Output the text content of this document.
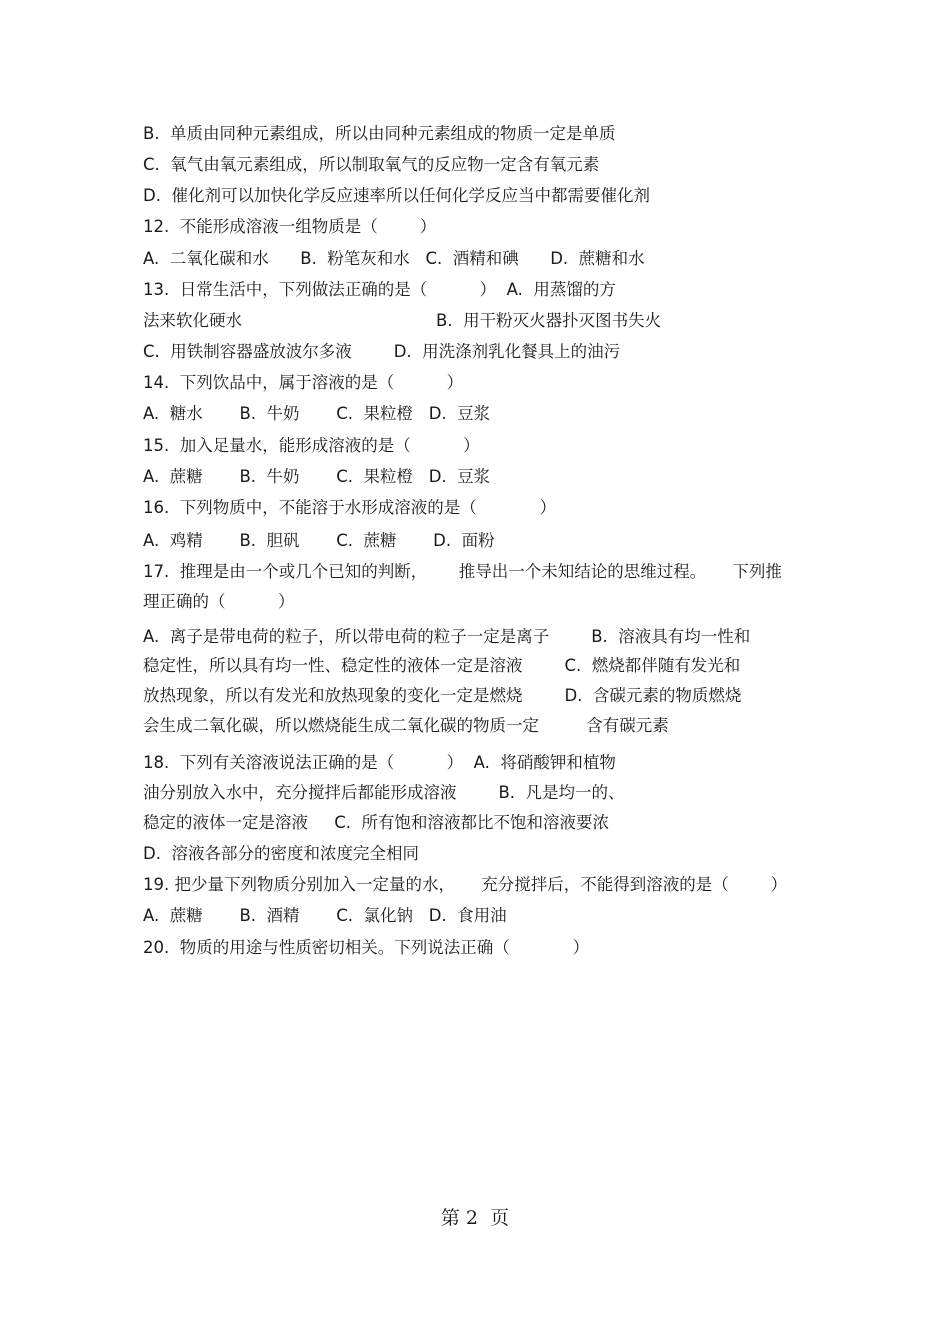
B.  单质由同种元素组成，所以由同种元素组成的物质一定是单质
C.  氧气由氧元素组成，所以制取氧气的反应物一定含有氧元素
D.  催化剂可以加快化学反应速率所以任何化学反应当中都需要催化剂
12.  不能形成溶液一组物质是（        ）
A.  二氧化碳和水      B.  粉笔灰和水   C.  酒精和碘      D.  蔗糖和水
13.  日常生活中，下列做法正确的是（          ）  A.  用蒸馏的方
法来软化硬水                                     B.  用干粉灭火器扑灭图书失火
C.  用铁制容器盛放波尔多液        D.  用洗涤剂乳化餐具上的油污
14.  下列饮品中，属于溶液的是（          ）
A.  糖水       B.  牛奶       C.  果粒橙   D.  豆浆
15.  加入足量水，能形成溶液的是（          ）
A.  蔗糖       B.  牛奶       C.  果粒橙   D.  豆浆
16.  下列物质中，不能溶于水形成溶液的是（            ）
A.  鸡精       B.  胆矾       C.  蔗糖       D.  面粉
17.  推理是由一个或几个已知的判断，      推导出一个未知结论的思维过程。     下列推
理正确的（          ）
A.  离子是带电荷的粒子，所以带电荷的粒子一定是离子        B.  溶液具有均一性和
稳定性，所以具有均一性、稳定性的液体一定是溶液        C.  燃烧都伴随有发光和
放热现象，所以有发光和放热现象的变化一定是燃烧        D.  含碳元素的物质燃烧
会生成二氧化碳，所以燃烧能生成二氧化碳的物质一定         含有碳元素
18.  下列有关溶液说法正确的是（          ）  A.  将硝酸钾和植物
油分别放入水中，充分搅拌后都能形成溶液        B.  凡是均一的、
稳定的液体一定是溶液     C.  所有饱和溶液都比不饱和溶液要浓
D.  溶液各部分的密度和浓度完全相同
19. 把少量下列物质分别加入一定量的水，     充分搅拌后，不能得到溶液的是（        ）
A.  蔗糖       B.  酒精       C.  氯化钠   D.  食用油
20.  物质的用途与性质密切相关。下列说法正确（            ）
第 2  页
